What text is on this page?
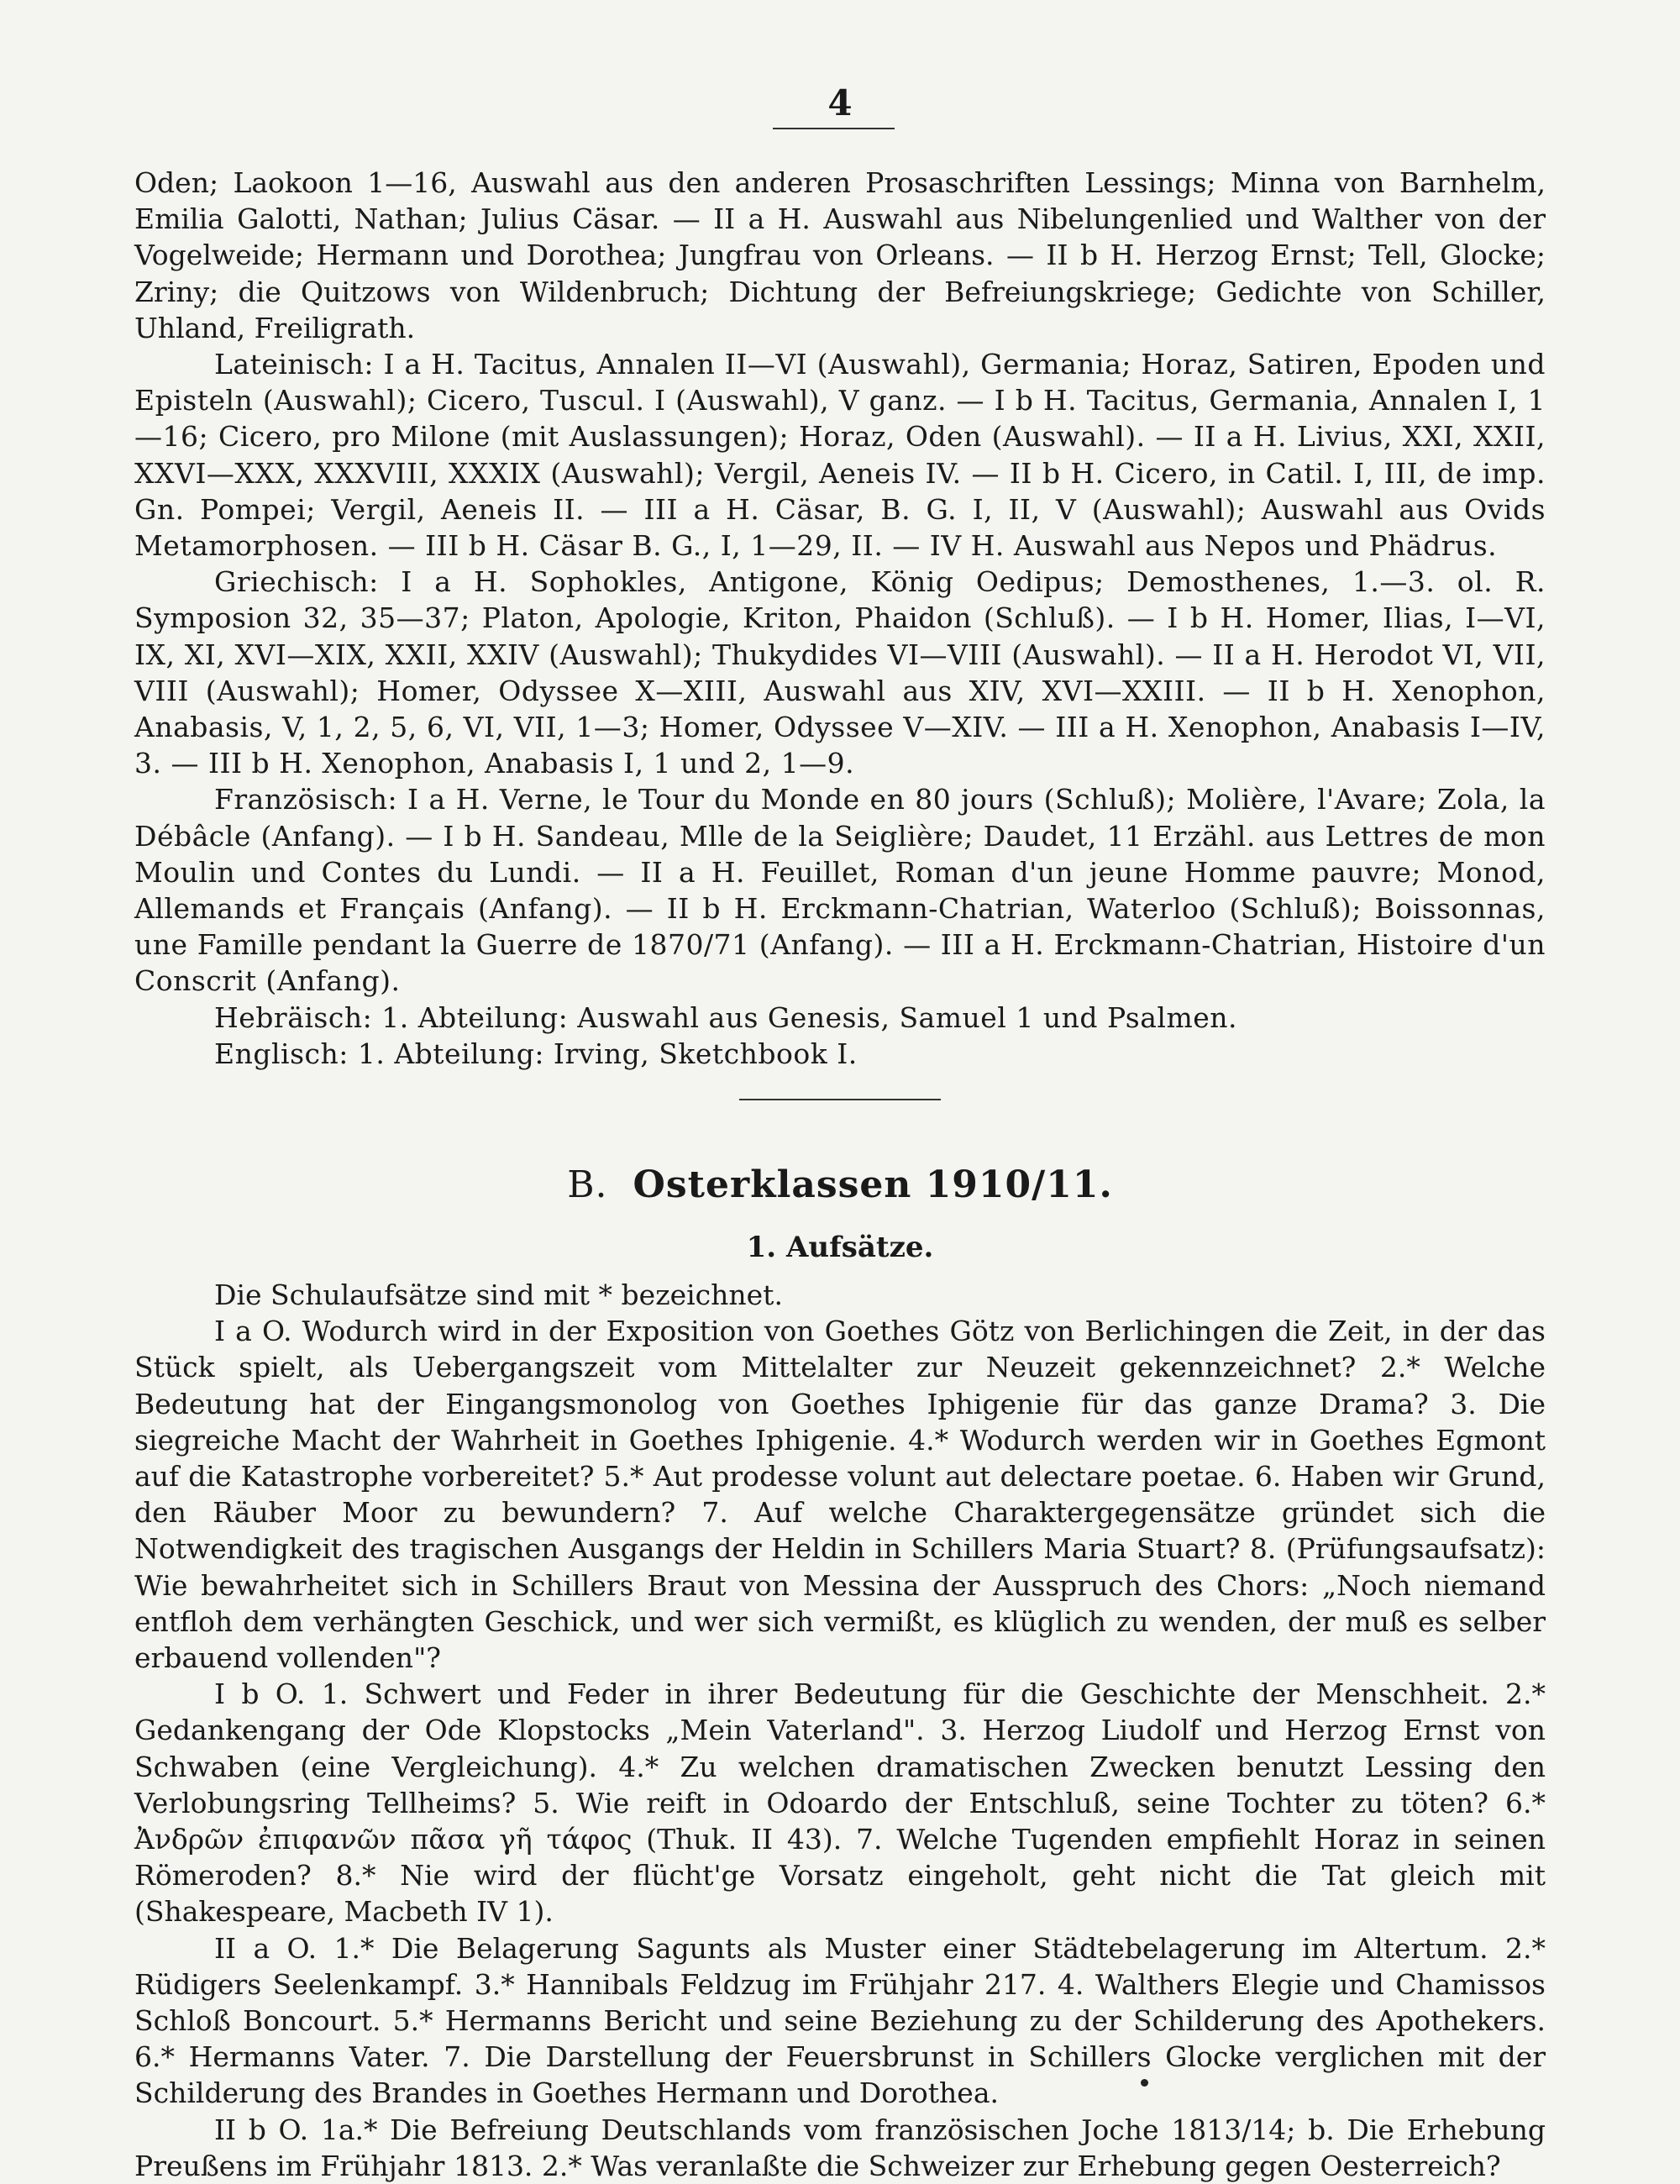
4

Oden; Laokoon 1—16, Auswahl aus den anderen Prosaschriften Lessings; Minna von Barnhelm, Emilia Galotti, Nathan; Julius Cäsar. — II a H. Auswahl aus Nibelungenlied und Walther von der Vogelweide; Hermann und Dorothea; Jungfrau von Orleans. — II b H. Herzog Ernst; Tell, Glocke; Zriny; die Quitzows von Wildenbruch; Dichtung der Befreiungskriege; Gedichte von Schiller, Uhland, Freiligrath.

Lateinisch: I a H. Tacitus, Annalen II—VI (Auswahl), Germania; Horaz, Satiren, Epoden und Episteln (Auswahl); Cicero, Tuscul. I (Auswahl), V ganz. — I b H. Tacitus, Germania, Annalen I, 1—16; Cicero, pro Milone (mit Auslassungen); Horaz, Oden (Auswahl). — II a H. Livius, XXI, XXII, XXVI—XXX, XXXVIII, XXXIX (Auswahl); Vergil, Aeneis IV. — II b H. Cicero, in Catil. I, III, de imp. Gn. Pompei; Vergil, Aeneis II. — III a H. Cäsar, B. G. I, II, V (Auswahl); Auswahl aus Ovids Metamorphosen. — III b H. Cäsar B. G., I, 1—29, II. — IV H. Auswahl aus Nepos und Phädrus.

Griechisch: I a H. Sophokles, Antigone, König Oedipus; Demosthenes, 1.—3. ol. R. Symposion 32, 35—37; Platon, Apologie, Kriton, Phaidon (Schluß). — I b H. Homer, Ilias, I—VI, IX, XI, XVI—XIX, XXII, XXIV (Auswahl); Thukydides VI—VIII (Auswahl). — II a H. Herodot VI, VII, VIII (Auswahl); Homer, Odyssee X—XIII, Auswahl aus XIV, XVI—XXIII. — II b H. Xenophon, Anabasis, V, 1, 2, 5, 6, VI, VII, 1—3; Homer, Odyssee V—XIV. — III a H. Xenophon, Anabasis I—IV, 3. — III b H. Xenophon, Anabasis I, 1 und 2, 1—9.

Französisch: I a H. Verne, le Tour du Monde en 80 jours (Schluß); Molière, l'Avare; Zola, la Débâcle (Anfang). — I b H. Sandeau, Mlle de la Seiglière; Daudet, 11 Erzähl. aus Lettres de mon Moulin und Contes du Lundi. — II a H. Feuillet, Roman d'un jeune Homme pauvre; Monod, Allemands et Français (Anfang). — II b H. Erckmann-Chatrian, Waterloo (Schluß); Boissonnas, une Famille pendant la Guerre de 1870/71 (Anfang). — III a H. Erckmann-Chatrian, Histoire d'un Conscrit (Anfang).

Hebräisch: 1. Abteilung: Auswahl aus Genesis, Samuel 1 und Psalmen.

Englisch: 1. Abteilung: Irving, Sketchbook I.

B. Osterklassen 1910/11.
1. Aufsätze.

Die Schulaufsätze sind mit * bezeichnet.

I a O. Wodurch wird in der Exposition von Goethes Götz von Berlichingen die Zeit, in der das Stück spielt, als Uebergangszeit vom Mittelalter zur Neuzeit gekennzeichnet? 2.* Welche Bedeutung hat der Eingangsmonolog von Goethes Iphigenie für das ganze Drama? 3. Die siegreiche Macht der Wahrheit in Goethes Iphigenie. 4.* Wodurch werden wir in Goethes Egmont auf die Katastrophe vorbereitet? 5.* Aut prodesse volunt aut delectare poetae. 6. Haben wir Grund, den Räuber Moor zu bewundern? 7. Auf welche Charaktergegensätze gründet sich die Notwendigkeit des tragischen Ausgangs der Heldin in Schillers Maria Stuart? 8. (Prüfungsaufsatz): Wie bewahrheitet sich in Schillers Braut von Messina der Ausspruch des Chors: „Noch niemand entfloh dem verhängten Geschick, und wer sich vermißt, es klüglich zu wenden, der muß es selber erbauend vollenden"?

I b O. 1. Schwert und Feder in ihrer Bedeutung für die Geschichte der Menschheit. 2.* Gedankengang der Ode Klopstocks „Mein Vaterland". 3. Herzog Liudolf und Herzog Ernst von Schwaben (eine Vergleichung). 4.* Zu welchen dramatischen Zwecken benutzt Lessing den Verlobungsring Tellheims? 5. Wie reift in Odoardo der Entschluß, seine Tochter zu töten? 6.* Ἀνδρῶν ἐπιφανῶν πᾶσα γῆ τάφος (Thuk. II 43). 7. Welche Tugenden empfiehlt Horaz in seinen Römeroden? 8.* Nie wird der flücht'ge Vorsatz eingeholt, geht nicht die Tat gleich mit (Shakespeare, Macbeth IV 1).

II a O. 1.* Die Belagerung Sagunts als Muster einer Städtebelagerung im Altertum. 2.* Rüdigers Seelenkampf. 3.* Hannibals Feldzug im Frühjahr 217. 4. Walthers Elegie und Chamissos Schloß Boncourt. 5.* Hermanns Bericht und seine Beziehung zu der Schilderung des Apothekers. 6.* Hermanns Vater. 7. Die Darstellung der Feuersbrunst in Schillers Glocke verglichen mit der Schilderung des Brandes in Goethes Hermann und Dorothea.

II b O. 1a.* Die Befreiung Deutschlands vom französischen Joche 1813/14; b. Die Erhebung Preußens im Frühjahr 1813. 2.* Was veranlaßte die Schweizer zur Erhebung gegen Oesterreich?
